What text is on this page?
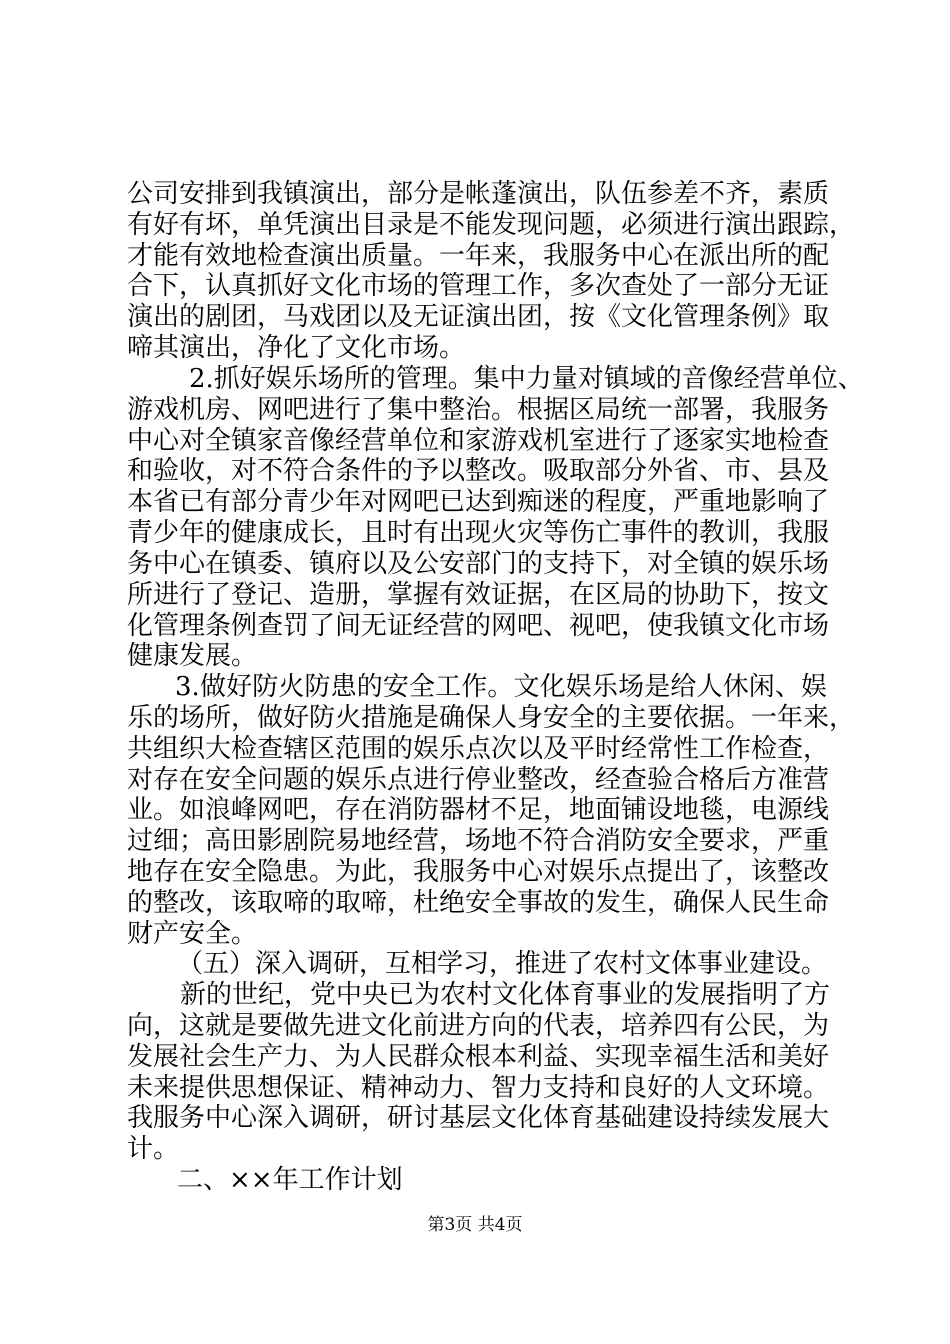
公司安排到我镇演出，部分是帐蓬演出，队伍参差不齐，素质
有好有坏，单凭演出目录是不能发现问题，必须进行演出跟踪，
才能有效地检查演出质量。一年来，我服务中心在派出所的配
合下，认真抓好文化市场的管理工作，多次查处了一部分无证
演出的剧团，马戏团以及无证演出团，按《文化管理条例》取
啼其演出，净化了文化市场。
2.抓好娱乐场所的管理。集中力量对镇域的音像经营单位、
游戏机房、网吧进行了集中整治。根据区局统一部署，我服务
中心对全镇家音像经营单位和家游戏机室进行了逐家实地检查
和验收，对不符合条件的予以整改。吸取部分外省、市、县及
本省已有部分青少年对网吧已达到痴迷的程度，严重地影响了
青少年的健康成长，且时有出现火灾等伤亡事件的教训，我服
务中心在镇委、镇府以及公安部门的支持下，对全镇的娱乐场
所进行了登记、造册，掌握有效证据，在区局的协助下，按文
化管理条例查罚了间无证经营的网吧、视吧，使我镇文化市场
健康发展。
3.做好防火防患的安全工作。文化娱乐场是给人休闲、娱
乐的场所，做好防火措施是确保人身安全的主要依据。一年来，
共组织大检查辖区范围的娱乐点次以及平时经常性工作检查，
对存在安全问题的娱乐点进行停业整改，经查验合格后方准营
业。如浪峰网吧，存在消防器材不足，地面铺设地毯，电源线
过细；高田影剧院易地经营，场地不符合消防安全要求，严重
地存在安全隐患。为此，我服务中心对娱乐点提出了，该整改
的整改，该取啼的取啼，杜绝安全事故的发生，确保人民生命
财产安全。
（五）深入调研，互相学习，推进了农村文体事业建设。
新的世纪，党中央已为农村文化体育事业的发展指明了方
向，这就是要做先进文化前进方向的代表，培养四有公民，为
发展社会生产力、为人民群众根本利益、实现幸福生活和美好
未来提供思想保证、精神动力、智力支持和良好的人文环境。
我服务中心深入调研，研讨基层文化体育基础建设持续发展大
计。
二、××年工作计划
第3页 共4页
